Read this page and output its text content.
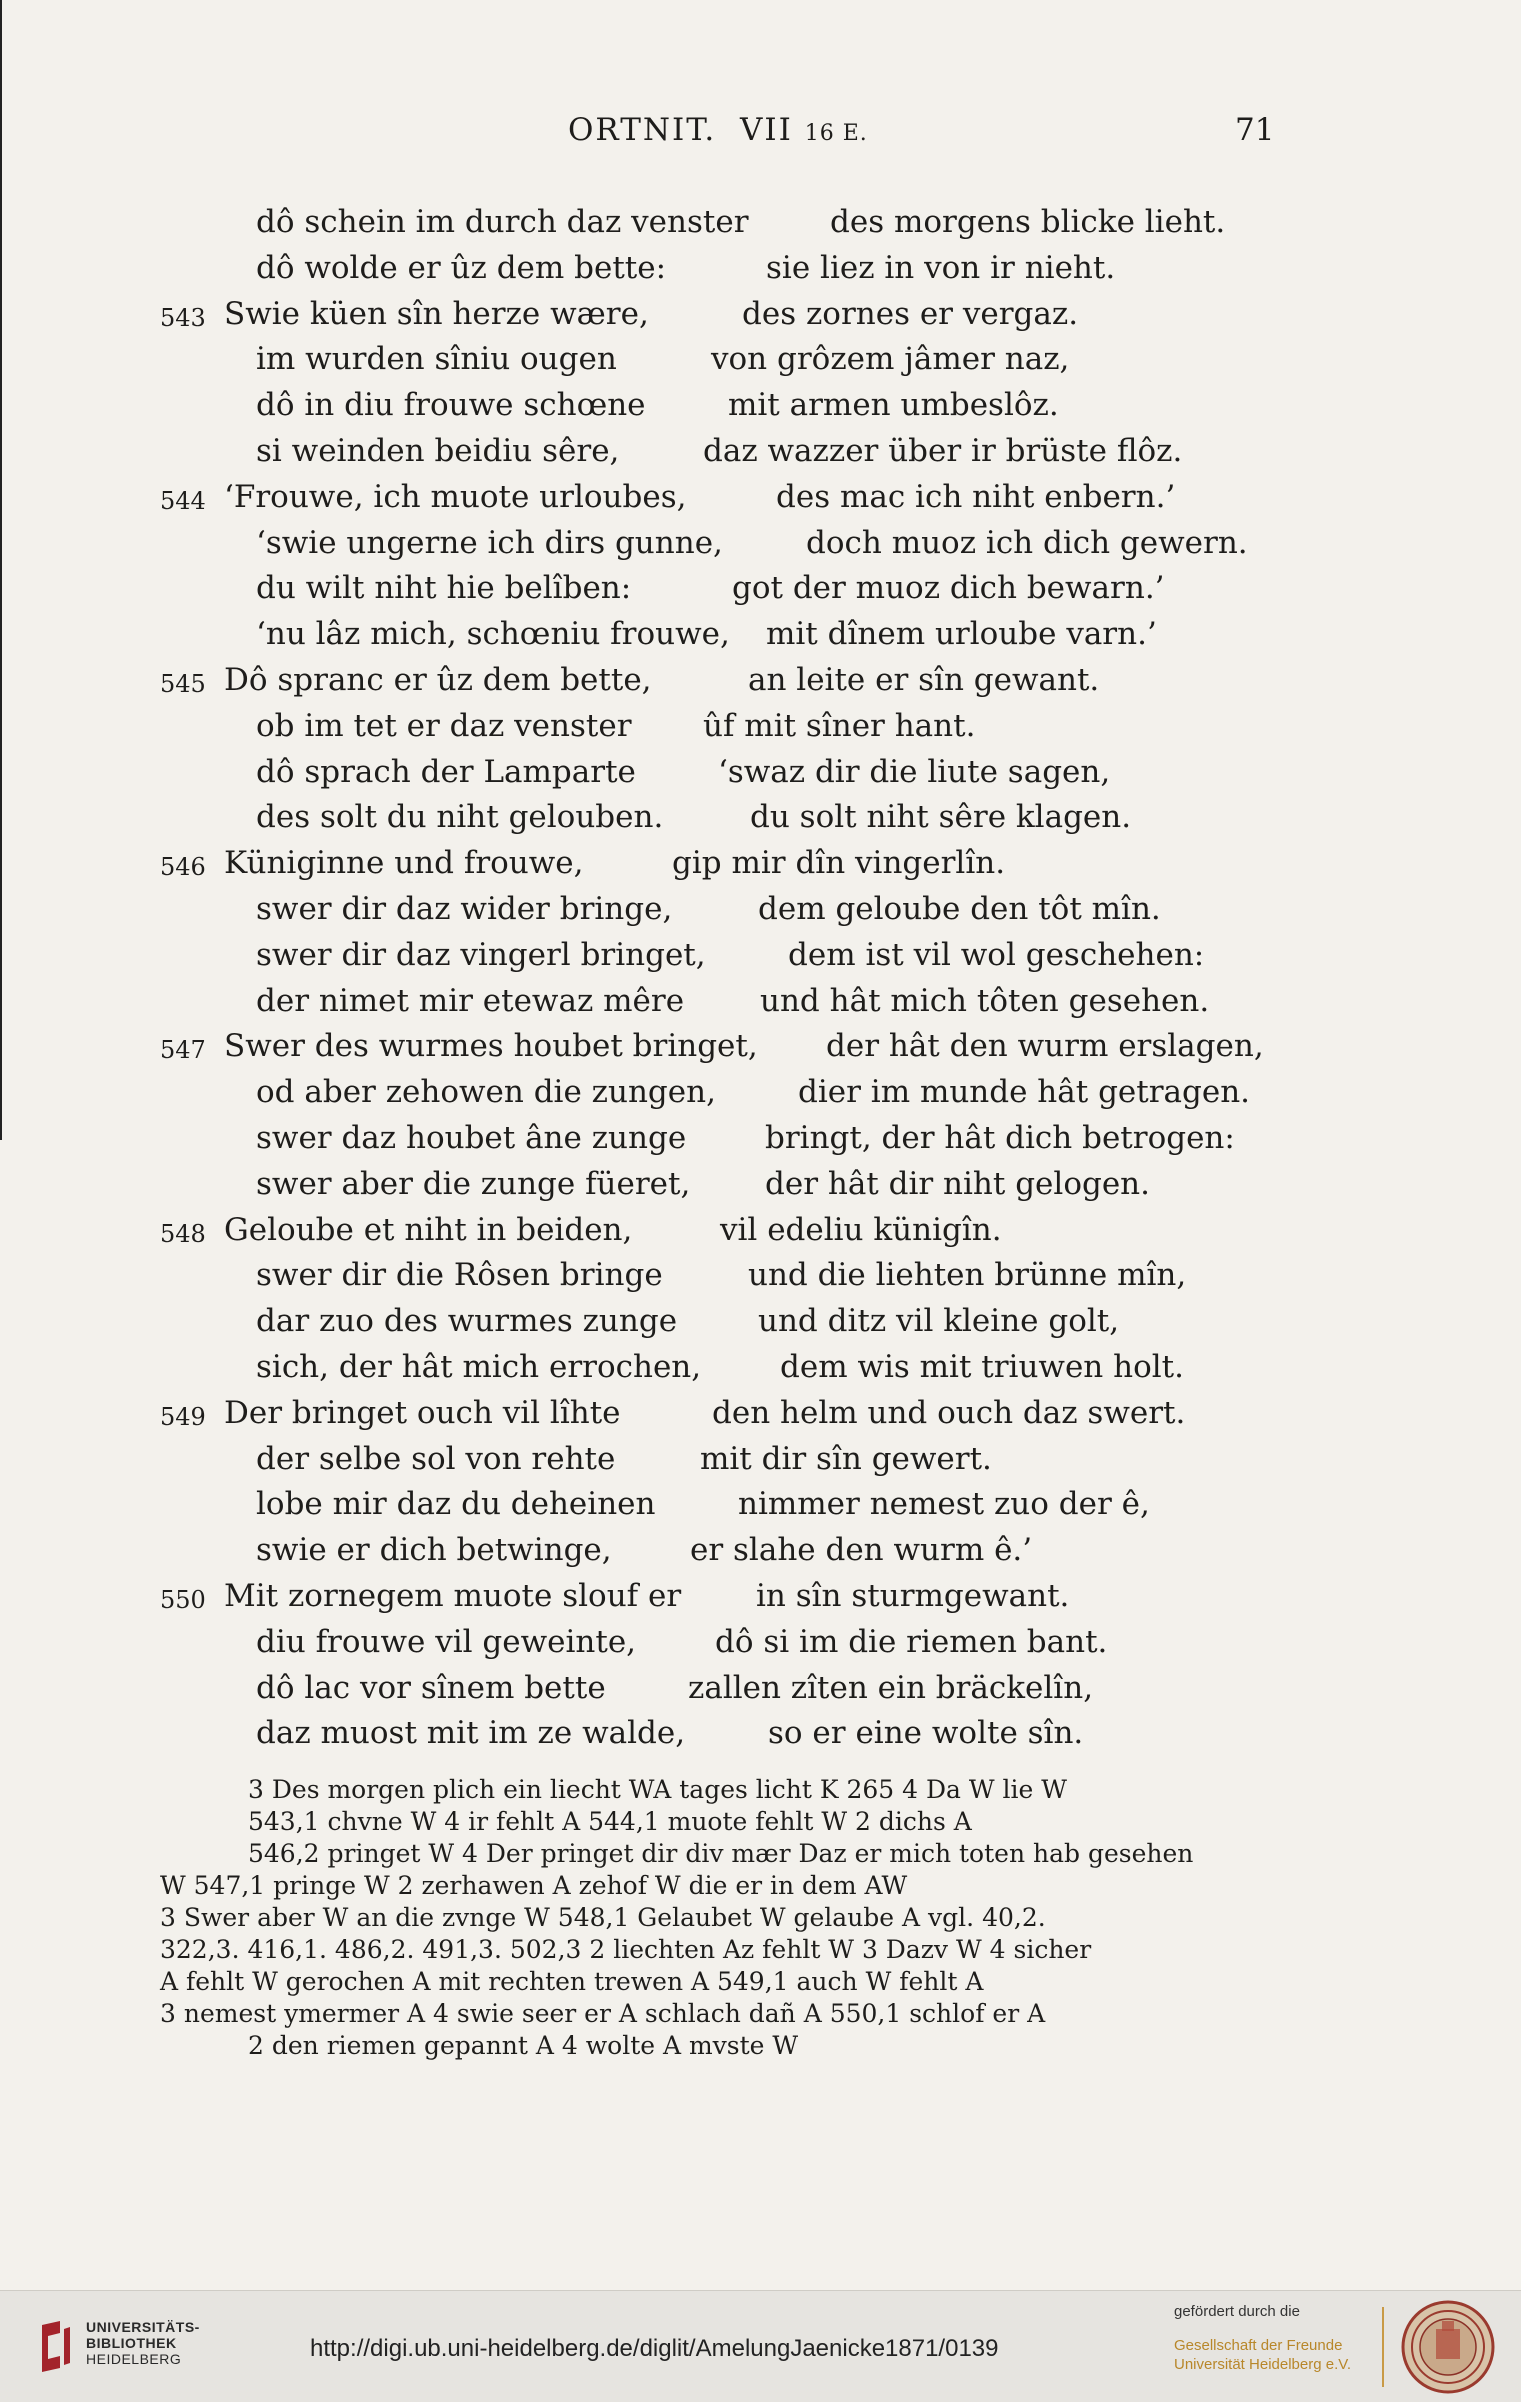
ORTNIT. VII 16 E.	71
dô schein im durch daz venster	des morgens blicke lieht.
dô wolde er ûz dem bette:	sie liez in von ir nieht.
543 Swie küen sîn herze wære,	des zornes er vergaz.
im wurden sîniu ougen	von grôzem jâmer naz,
dô in diu frouwe schœne	mit armen umbeslôz.
si weinden beidiu sêre,	daz wazzer über ir brüste flôz.
544 ‘Frouwe, ich muote urloubes,	des mac ich niht enbern.’
‘swie ungerne ich dirs gunne,	doch muoz ich dich gewern.
du wilt niht hie belîben:	got der muoz dich bewarn.’
‘nu lâz mich, schœniu frouwe, mit dînem urloube varn.’
545 Dô spranc er ûz dem bette,	an leite er sîn gewant.
ob im tet er daz venster ûf mit sîner hant.
dô sprach der Lamparte	‘swaz dir die liute sagen,
des solt du niht gelouben.	du solt niht sêre klagen.
546 Küniginne und frouwe,	gip mir dîn vingerlîn.
swer dir daz wider bringe,	dem geloube den tôt mîn.
swer dir daz vingerl bringet,	dem ist vil wol geschehen:
der nimet mir etewaz mêre und hât mich tôten gesehen.
547 Swer des wurmes houbet bringet, der hât den wurm erslagen,
od aber zehowen die zungen,	dier im munde hât getragen.
swer daz houbet âne zunge	bringt, der hât dich betrogen:
swer aber die zunge füeret, der hât dir niht gelogen.
548 Geloube et niht in beiden,	vil edeliu künigîn.
swer dir die Rôsen bringe	und die liehten brünne mîn,
dar zuo des wurmes zunge	und ditz vil kleine golt,
sich, der hât mich errochen,	dem wis mit triuwen holt.
549 Der bringet ouch vil lîhte	den helm und ouch daz swert.
der selbe sol von rehte	mit dir sîn gewert.
lobe mir daz du deheinen	nimmer nemest zuo der ê,
swie er dich betwinge,	er slahe den wurm ê.’
550 Mit zornegem muote slouf er in sîn sturmgewant.
diu frouwe vil geweinte,	dô si im die riemen bant.
dô lac vor sînem bette	zallen zîten ein bräckelîn,
daz muost mit im ze walde,	so er eine wolte sîn.

3 Des morgen plich ein liecht WA tages licht K 265 4 Da W lie W

543,1 chvne W 4 ir fehlt A 544,1 muote fehlt W 2 dichs A

546,2 pringet W 4 Der pringet dir div mær Daz er mich toten hab gesehen

W 547,1 pringe W 2 zerhawen A zehof W die er in dem AW

3 Swer aber W an die zvnge W 548,1 Gelaubet W gelaube A vgl. 40,2.

322,3. 416,1. 486,2. 491,3. 502,3 2 liechten Az fehlt W 3 Dazv W 4 sicher

A fehlt W gerochen A mit rechten trewen A 549,1 auch W fehlt A

3 nemest ymermer A 4 swie seer er A schlach dañ A 550,1 schlof er A

2 den riemen gepannt A 4 wolte A mvste W

UNIVERSITÄTS-
BIBLIOTHEK
HEIDELBERG	http://digi.ub.uni-heidelberg.de/diglit/AmelungJaenicke1871/0139
gefördert durch die
Gesellschaft der Freunde
Universität Heidelberg e.V.
